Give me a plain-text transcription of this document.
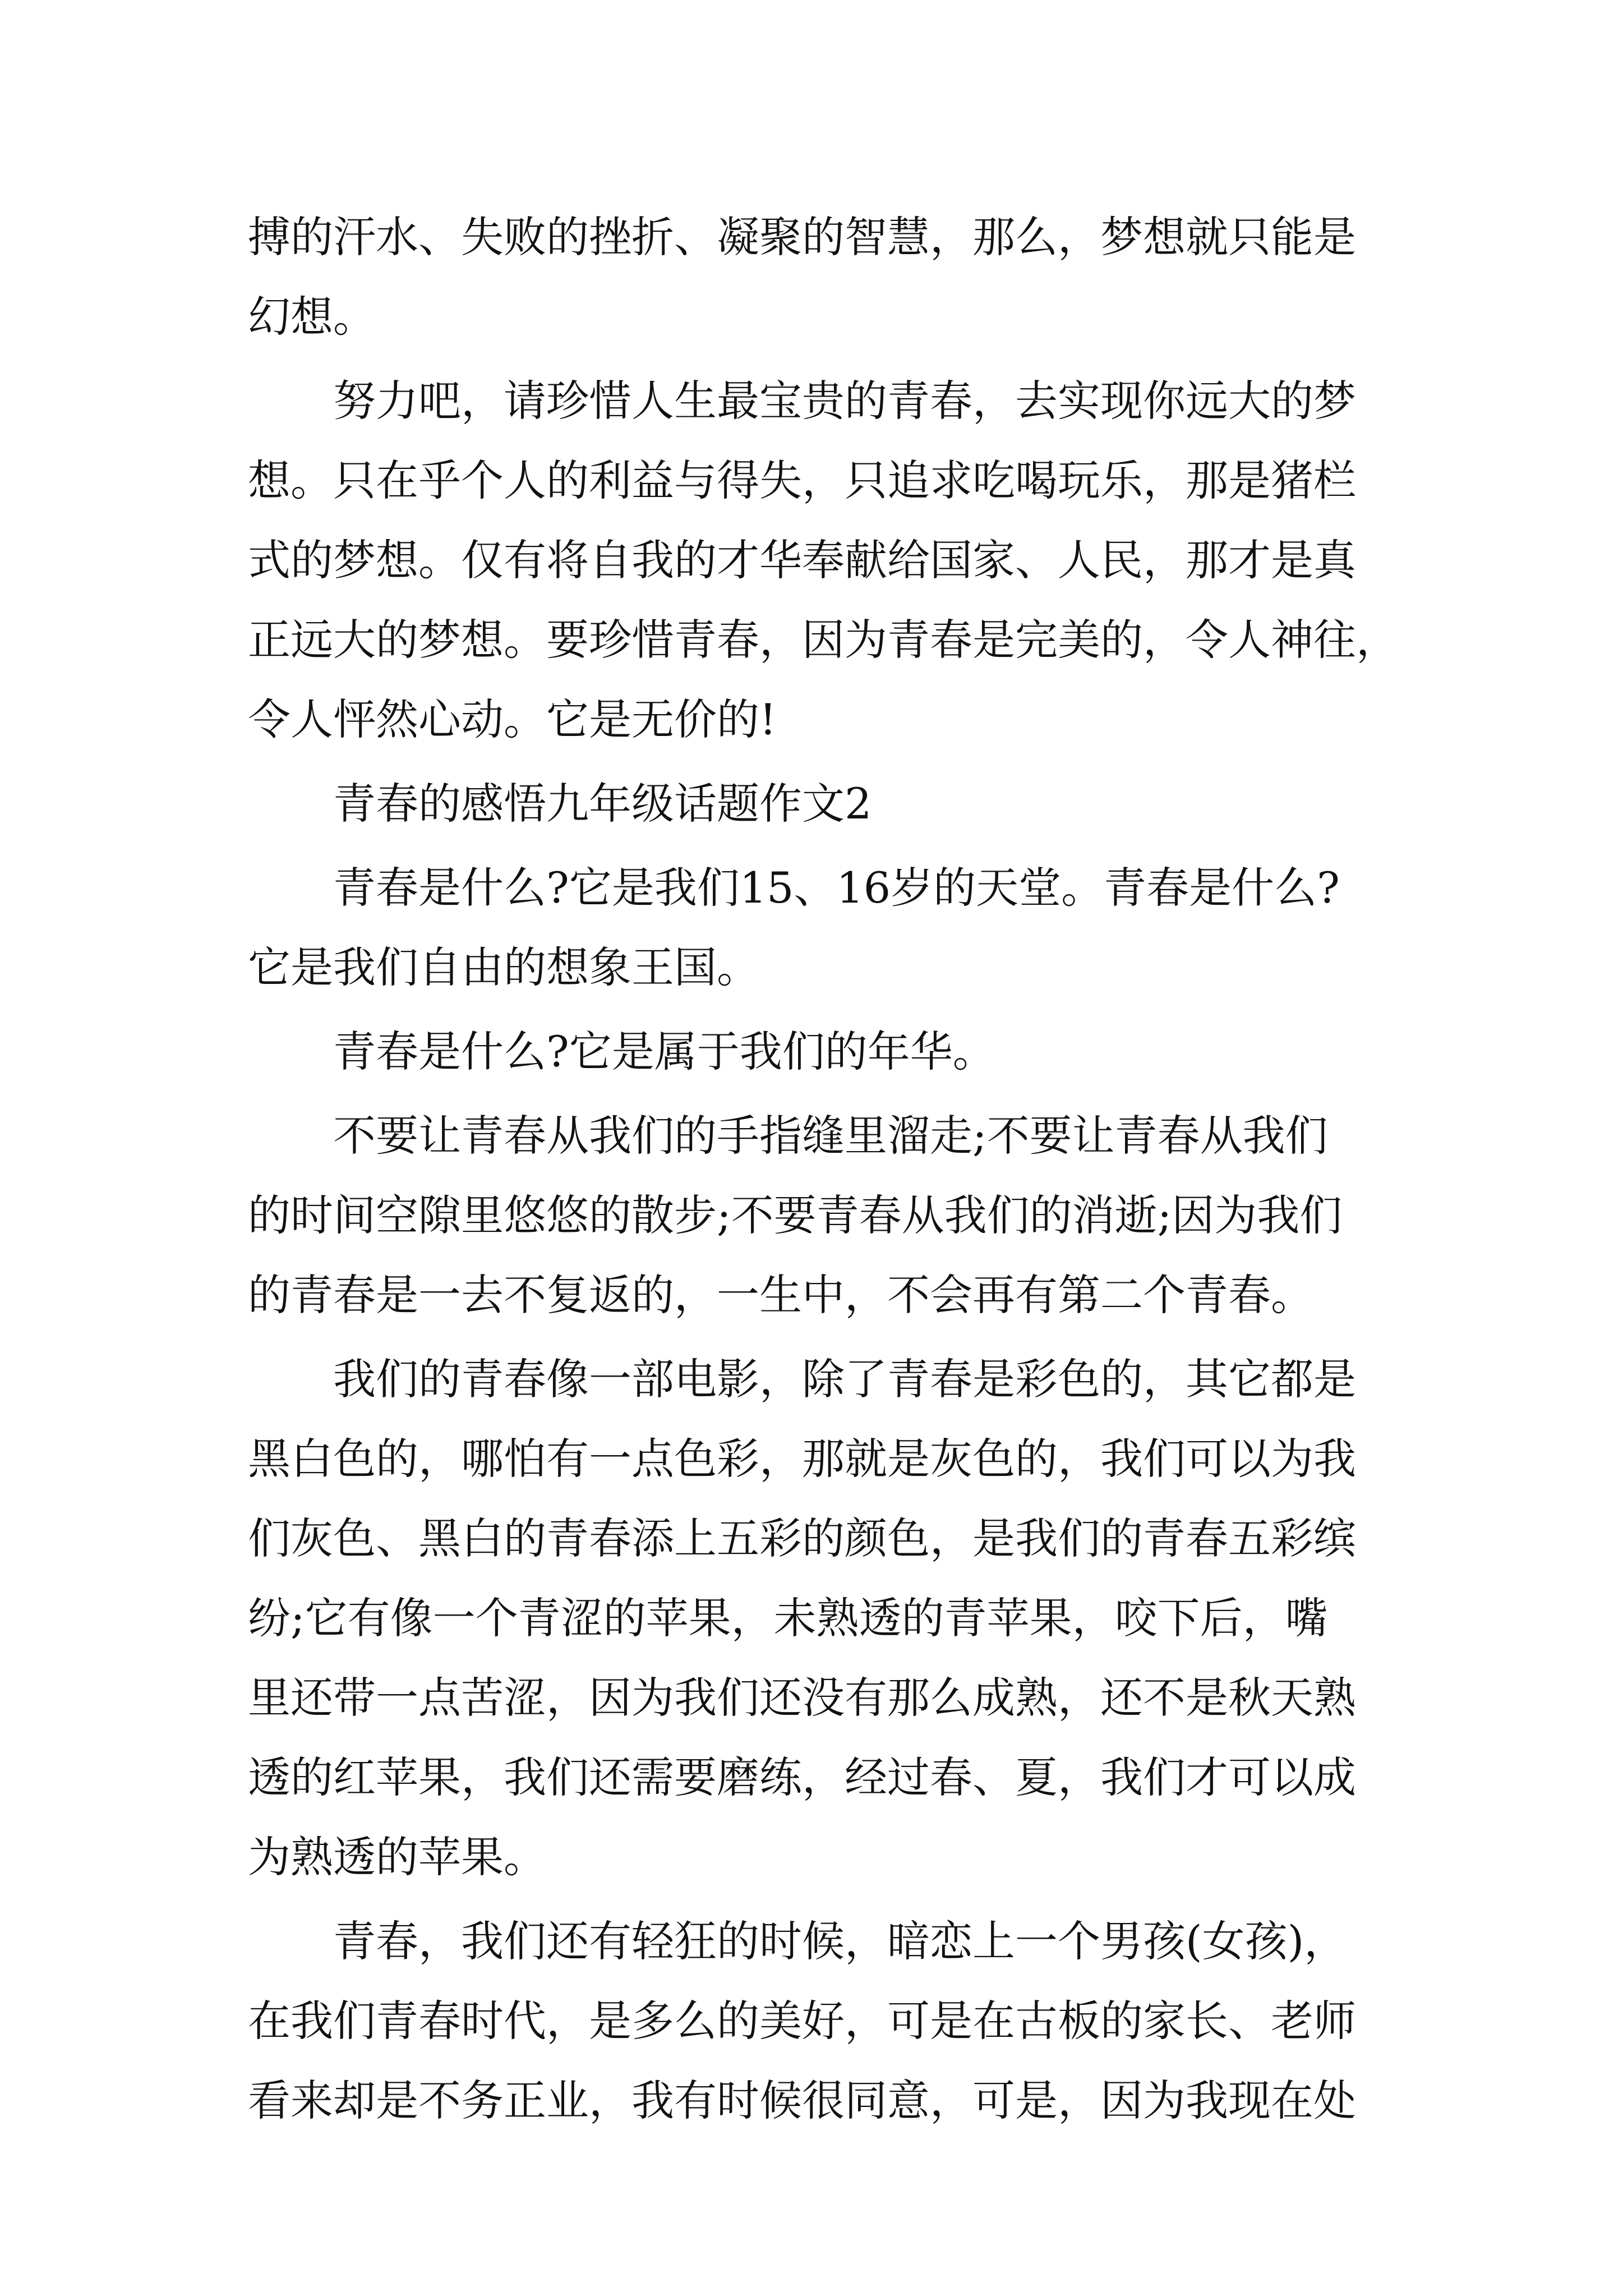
搏的汗水、失败的挫折、凝聚的智慧，那么，梦想就只能是
幻想。

努力吧，请珍惜人生最宝贵的青春，去实现你远大的梦
想。只在乎个人的利益与得失，只追求吃喝玩乐，那是猪栏
式的梦想。仅有将自我的才华奉献给国家、人民，那才是真
正远大的梦想。要珍惜青春，因为青春是完美的，令人神往，
令人怦然心动。它是无价的!

青春的感悟九年级话题作文2

青春是什么?它是我们15、16岁的天堂。青春是什么?
它是我们自由的想象王国。

青春是什么?它是属于我们的年华。

不要让青春从我们的手指缝里溜走;不要让青春从我们
的时间空隙里悠悠的散步;不要青春从我们的消逝;因为我们
的青春是一去不复返的，一生中，不会再有第二个青春。

我们的青春像一部电影，除了青春是彩色的，其它都是
黑白色的，哪怕有一点色彩，那就是灰色的，我们可以为我
们灰色、黑白的青春添上五彩的颜色，是我们的青春五彩缤
纷;它有像一个青涩的苹果，未熟透的青苹果，咬下后，嘴
里还带一点苦涩，因为我们还没有那么成熟，还不是秋天熟
透的红苹果，我们还需要磨练，经过春、夏，我们才可以成
为熟透的苹果。

青春，我们还有轻狂的时候，暗恋上一个男孩(女孩)，
在我们青春时代，是多么的美好，可是在古板的家长、老师
看来却是不务正业，我有时候很同意，可是，因为我现在处
